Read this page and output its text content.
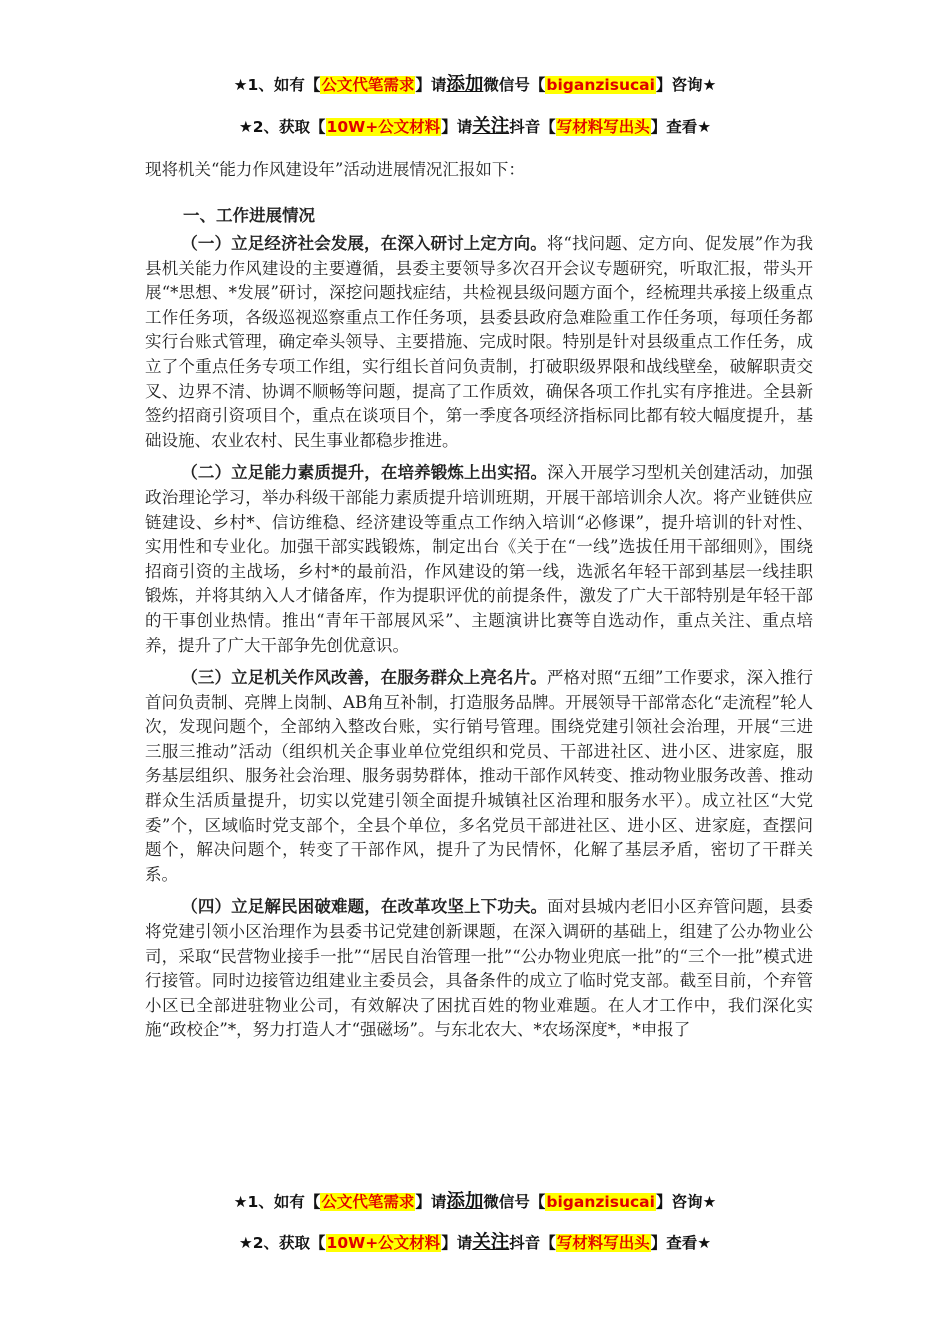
★1、如有【公文代笔需求】请添加微信号【biganzisucai】咨询★
★2、获取【10W+公文材料】请关注抖音【写材料写出头】查看★

现将机关“能力作风建设年”活动进展情况汇报如下：

一、工作进展情况

（一）立足经济社会发展，在深入研讨上定方向。将“找问题、定方向、促发展”作为我县机关能力作风建设的主要遵循，县委主要领导多次召开会议专题研究，听取汇报，带头开展“*思想、*发展”研讨，深挖问题找症结，共检视县级问题方面个，经梳理共承接上级重点工作任务项，各级巡视巡察重点工作任务项，县委县政府急难险重工作任务项，每项任务都实行台账式管理，确定牵头领导、主要措施、完成时限。特别是针对县级重点工作任务，成立了个重点任务专项工作组，实行组长首问负责制，打破职级界限和战线壁垒，破解职责交叉、边界不清、协调不顺畅等问题，提高了工作质效，确保各项工作扎实有序推进。全县新签约招商引资项目个，重点在谈项目个，第一季度各项经济指标同比都有较大幅度提升，基础设施、农业农村、民生事业都稳步推进。

（二）立足能力素质提升，在培养锻炼上出实招。深入开展学习型机关创建活动，加强政治理论学习，举办科级干部能力素质提升培训班期，开展干部培训余人次。将产业链供应链建设、乡村*、信访维稳、经济建设等重点工作纳入培训“必修课”，提升培训的针对性、实用性和专业化。加强干部实践锻炼，制定出台《关于在“一线”选拔任用干部细则》，围绕招商引资的主战场，乡村*的最前沿，作风建设的第一线，选派名年轻干部到基层一线挂职锻炼，并将其纳入人才储备库，作为提职评优的前提条件，激发了广大干部特别是年轻干部的干事创业热情。推出“青年干部展风采”、主题演讲比赛等自选动作，重点关注、重点培养，提升了广大干部争先创优意识。

（三）立足机关作风改善，在服务群众上亮名片。严格对照“五细”工作要求，深入推行首问负责制、亮牌上岗制、AB角互补制，打造服务品牌。开展领导干部常态化“走流程”轮人次，发现问题个，全部纳入整改台账，实行销号管理。围绕党建引领社会治理，开展“三进三服三推动”活动（组织机关企事业单位党组织和党员、干部进社区、进小区、进家庭，服务基层组织、服务社会治理、服务弱势群体，推动干部作风转变、推动物业服务改善、推动群众生活质量提升，切实以党建引领全面提升城镇社区治理和服务水平）。成立社区“大党委”个，区域临时党支部个，全县个单位，多名党员干部进社区、进小区、进家庭，查摆问题个，解决问题个，转变了干部作风，提升了为民情怀，化解了基层矛盾，密切了干群关系。

（四）立足解民困破难题，在改革攻坚上下功夫。面对县城内老旧小区弃管问题，县委将党建引领小区治理作为县委书记党建创新课题，在深入调研的基础上，组建了公办物业公司，采取“民营物业接手一批”“居民自治管理一批”“公办物业兜底一批”的“三个一批”模式进行接管。同时边接管边组建业主委员会，具备条件的成立了临时党支部。截至目前，个弃管小区已全部进驻物业公司，有效解决了困扰百姓的物业难题。在人才工作中，我们深化实施“政校企”*，努力打造人才“强磁场”。与东北农大、*农场深度*，*申报了

★1、如有【公文代笔需求】请添加微信号【biganzisucai】咨询★
★2、获取【10W+公文材料】请关注抖音【写材料写出头】查看★
